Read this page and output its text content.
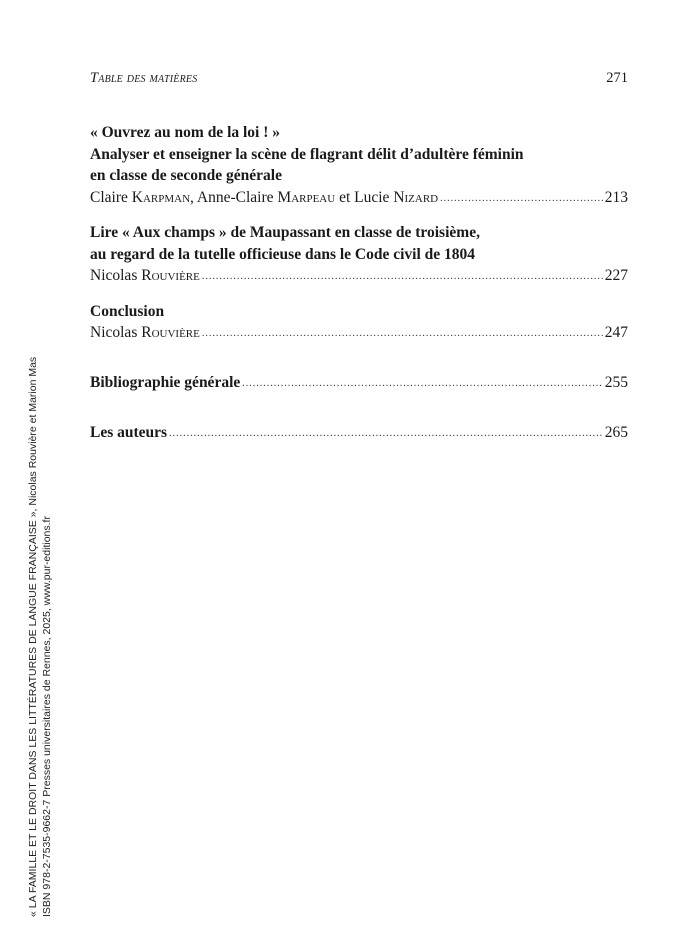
Table des matières	271
« Ouvrez au nom de la loi ! »
Analyser et enseigner la scène de flagrant délit d’adultère féminin
en classe de seconde générale
Claire Karpman, Anne-Claire Marpeau et Lucie Nizard .....	213
Lire « Aux champs » de Maupassant en classe de troisième,
au regard de la tutelle officieuse dans le Code civil de 1804
Nicolas Rouvière .....	227
Conclusion
Nicolas Rouvière .....	247
Bibliographie générale .....	255
Les auteurs .....	265
« LA FAMILLE ET LE DROIT DANS LES LITTÉRATURES DE LANGUE FRANÇAISE », Nicolas Rouvière et Marion Mas ISBN 978-2-7535-9662-7 Presses universitaires de Rennes, 2025, www.pur-editions.fr
